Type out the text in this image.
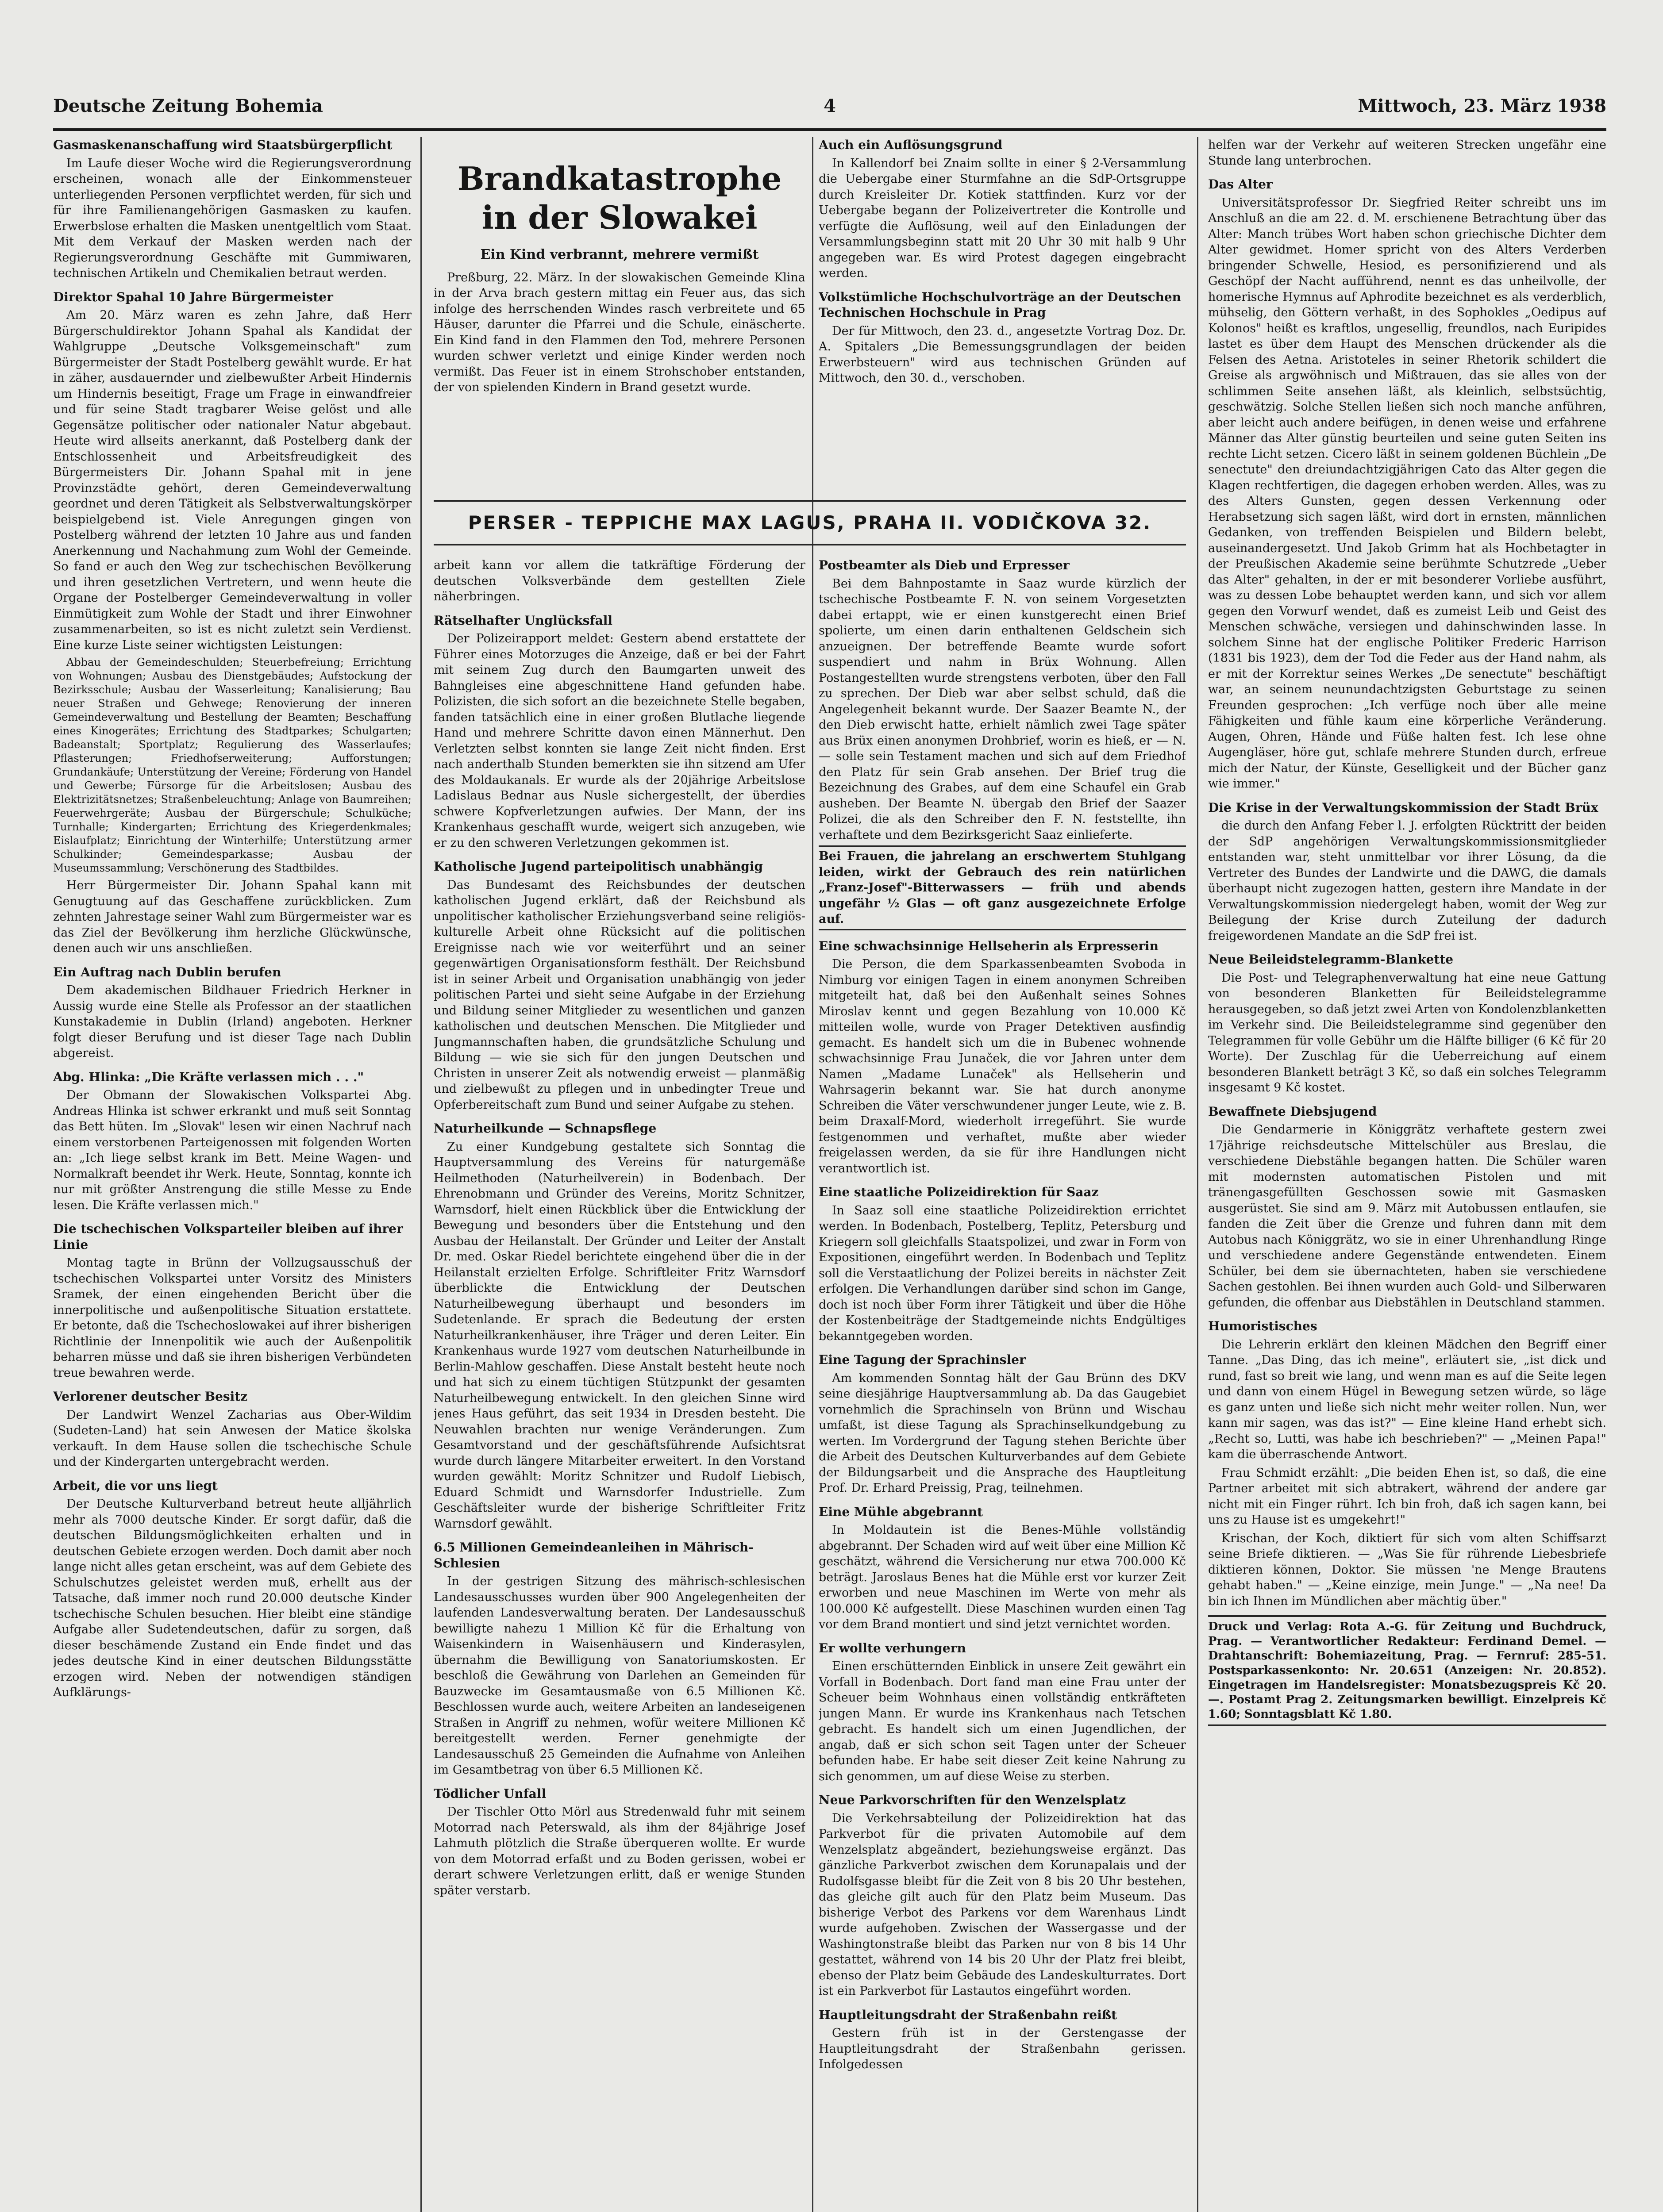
Deutsche Zeitung Bohemia	4	Mittwoch, 23. März 1938
Gasmaskenanschaffung wird Staatsbürgerpflicht

Im Laufe dieser Woche wird die Regierungsverordnung erscheinen, wonach alle der Einkommensteuer unterliegenden Personen verpflichtet werden, für sich und für ihre Familienangehörigen Gasmasken zu kaufen. Erwerbslose erhalten die Masken unentgeltlich vom Staat. Mit dem Verkauf der Masken werden nach der Regierungsverordnung Geschäfte mit Gummiwaren, technischen Artikeln und Chemikalien betraut werden.

Direktor Spahal 10 Jahre Bürgermeister

Am 20. März waren es zehn Jahre, daß Herr Bürgerschuldirektor Johann Spahal als Kandidat der Wahlgruppe „Deutsche Volksgemeinschaft" zum Bürgermeister der Stadt Postelberg gewählt wurde. Er hat in zäher, ausdauernder und zielbewußter Arbeit Hindernis um Hindernis beseitigt, Frage um Frage in einwandfreier und für seine Stadt tragbarer Weise gelöst und alle Gegensätze politischer oder nationaler Natur abgebaut. Heute wird allseits anerkannt, daß Postelberg dank der Entschlossenheit und Arbeitsfreudigkeit des Bürgermeisters Dir. Johann Spahal mit in jene Provinzstädte gehört, deren Gemeindeverwaltung geordnet und deren Tätigkeit als Selbstverwaltungskörper beispielgebend ist. Viele Anregungen gingen von Postelberg während der letzten 10 Jahre aus und fanden Anerkennung und Nachahmung zum Wohl der Gemeinde. So fand er auch den Weg zur tschechischen Bevölkerung und ihren gesetzlichen Vertretern, und wenn heute die Organe der Postelberger Gemeindeverwaltung in voller Einmütigkeit zum Wohle der Stadt und ihrer Einwohner zusammenarbeiten, so ist es nicht zuletzt sein Verdienst. Eine kurze Liste seiner wichtigsten Leistungen:

Abbau der Gemeindeschulden; Steuerbefreiung; Errichtung von Wohnungen; Ausbau des Dienstgebäudes; Aufstockung der Bezirksschule; Ausbau der Wasserleitung; Kanalisierung; Bau neuer Straßen und Gehwege; Renovierung der inneren Gemeindeverwaltung und Bestellung der Beamten; Beschaffung eines Kinogerätes; Errichtung des Stadtparkes; Schulgarten; Badeanstalt; Sportplatz; Regulierung des Wasserlaufes; Pflasterungen; Friedhofserweiterung; Aufforstungen; Grundankäufe; Unterstützung der Vereine; Förderung von Handel und Gewerbe; Fürsorge für die Arbeitslosen; Ausbau des Elektrizitätsnetzes; Straßenbeleuchtung; Anlage von Baumreihen; Feuerwehrgeräte; Ausbau der Bürgerschule; Schulküche; Turnhalle; Kindergarten; Errichtung des Kriegerdenkmales; Eislaufplatz; Einrichtung der Winterhilfe; Unterstützung armer Schulkinder; Gemeindesparkasse; Ausbau der Museumssammlung; Verschönerung des Stadtbildes.

Herr Bürgermeister Dir. Johann Spahal kann mit Genugtuung auf das Geschaffene zurückblicken. Zum zehnten Jahrestage seiner Wahl zum Bürgermeister war es das Ziel der Bevölkerung ihm herzliche Glückwünsche, denen auch wir uns anschließen.

Ein Auftrag nach Dublin berufen

Dem akademischen Bildhauer Friedrich Herkner in Aussig wurde eine Stelle als Professor an der staatlichen Kunstakademie in Dublin (Irland) angeboten. Herkner folgt dieser Berufung und ist dieser Tage nach Dublin abgereist.

Abg. Hlinka: „Die Kräfte verlassen mich . . ."

Der Obmann der Slowakischen Volkspartei Abg. Andreas Hlinka ist schwer erkrankt und muß seit Sonntag das Bett hüten. Im „Slovak" lesen wir einen Nachruf nach einem verstorbenen Parteigenossen mit folgenden Worten an: „Ich liege selbst krank im Bett. Meine Wagen- und Normalkraft beendet ihr Werk. Heute, Sonntag, konnte ich nur mit größter Anstrengung die stille Messe zu Ende lesen. Die Kräfte verlassen mich."

Die tschechischen Volksparteiler bleiben auf ihrer Linie

Montag tagte in Brünn der Vollzugsausschuß der tschechischen Volkspartei unter Vorsitz des Ministers Sramek, der einen eingehenden Bericht über die innerpolitische und außenpolitische Situation erstattete. Er betonte, daß die Tschechoslowakei auf ihrer bisherigen Richtlinie der Innenpolitik wie auch der Außenpolitik beharren müsse und daß sie ihren bisherigen Verbündeten treue bewahren werde.

Verlorener deutscher Besitz

Der Landwirt Wenzel Zacharias aus Ober-Wildim (Sudeten-Land) hat sein Anwesen der Matice školska verkauft. In dem Hause sollen die tschechische Schule und der Kindergarten untergebracht werden.

Arbeit, die vor uns liegt

Der Deutsche Kulturverband betreut heute alljährlich mehr als 7000 deutsche Kinder. Er sorgt dafür, daß die deutschen Bildungsmöglichkeiten erhalten und in deutschen Gebiete erzogen werden. Doch damit aber noch lange nicht alles getan erscheint, was auf dem Gebiete des Schulschutzes geleistet werden muß, erhellt aus der Tatsache, daß immer noch rund 20.000 deutsche Kinder tschechische Schulen besuchen. Hier bleibt eine ständige Aufgabe aller Sudetendeutschen, dafür zu sorgen, daß dieser beschämende Zustand ein Ende findet und das jedes deutsche Kind in einer deutschen Bildungsstätte erzogen wird. Neben der notwendigen ständigen Aufklärungs-

Brandkatastrophe
in der Slowakei
Ein Kind verbrannt, mehrere vermißt

Preßburg, 22. März. In der slowakischen Gemeinde Klina in der Arva brach gestern mittag ein Feuer aus, das sich infolge des herrschenden Windes rasch verbreitete und 65 Häuser, darunter die Pfarrei und die Schule, einäscherte. Ein Kind fand in den Flammen den Tod, mehrere Personen wurden schwer verletzt und einige Kinder werden noch vermißt. Das Feuer ist in einem Strohschober entstanden, der von spielenden Kindern in Brand gesetzt wurde.

Auch ein Auflösungsgrund

In Kallendorf bei Znaim sollte in einer § 2-Versammlung die Uebergabe einer Sturmfahne an die SdP-Ortsgruppe durch Kreisleiter Dr. Kotiek stattfinden. Kurz vor der Uebergabe begann der Polizeivertreter die Kontrolle und verfügte die Auflösung, weil auf den Einladungen der Versammlungsbeginn statt mit 20 Uhr 30 mit halb 9 Uhr angegeben war. Es wird Protest dagegen eingebracht werden.

Volkstümliche Hochschulvorträge an der Deutschen Technischen Hochschule in Prag

Der für Mittwoch, den 23. d., angesetzte Vortrag Doz. Dr. A. Spitalers „Die Bemessungsgrundlagen der beiden Erwerbsteuern" wird aus technischen Gründen auf Mittwoch, den 30. d., verschoben.

PERSER - TEPPICHE MAX LAGUS, PRAHA II. VODIČKOVA 32.

arbeit kann vor allem die tatkräftige Förderung der deutschen Volksverbände dem gestellten Ziele näherbringen.

Rätselhafter Unglücksfall

Der Polizeirapport meldet: Gestern abend erstattete der Führer eines Motorzuges die Anzeige, daß er bei der Fahrt mit seinem Zug durch den Baumgarten unweit des Bahngleises eine abgeschnittene Hand gefunden habe. Polizisten, die sich sofort an die bezeichnete Stelle begaben, fanden tatsächlich eine in einer großen Blutlache liegende Hand und mehrere Schritte davon einen Männerhut. Den Verletzten selbst konnten sie lange Zeit nicht finden. Erst nach anderthalb Stunden bemerkten sie ihn sitzend am Ufer des Moldaukanals. Er wurde als der 20jährige Arbeitslose Ladislaus Bednar aus Nusle sichergestellt, der überdies schwere Kopfverletzungen aufwies. Der Mann, der ins Krankenhaus geschafft wurde, weigert sich anzugeben, wie er zu den schweren Verletzungen gekommen ist.

Katholische Jugend parteipolitisch unabhängig

Das Bundesamt des Reichsbundes der deutschen katholischen Jugend erklärt, daß der Reichsbund als unpolitischer katholischer Erziehungsverband seine religiös-kulturelle Arbeit ohne Rücksicht auf die politischen Ereignisse nach wie vor weiterführt und an seiner gegenwärtigen Organisationsform festhält. Der Reichsbund ist in seiner Arbeit und Organisation unabhängig von jeder politischen Partei und sieht seine Aufgabe in der Erziehung und Bildung seiner Mitglieder zu wesentlichen und ganzen katholischen und deutschen Menschen. Die Mitglieder und Jungmannschaften haben, die grundsätzliche Schulung und Bildung — wie sie sich für den jungen Deutschen und Christen in unserer Zeit als notwendig erweist — planmäßig und zielbewußt zu pflegen und in unbedingter Treue und Opferbereitschaft zum Bund und seiner Aufgabe zu stehen.

Naturheilkunde — Schnapsflege

Zu einer Kundgebung gestaltete sich Sonntag die Hauptversammlung des Vereins für naturgemäße Heilmethoden (Naturheilverein) in Bodenbach. Der Ehrenobmann und Gründer des Vereins, Moritz Schnitzer, Warnsdorf, hielt einen Rückblick über die Entwicklung der Bewegung und besonders über die Entstehung und den Ausbau der Heilanstalt. Der Gründer und Leiter der Anstalt Dr. med. Oskar Riedel berichtete eingehend über die in der Heilanstalt erzielten Erfolge. Schriftleiter Fritz Warnsdorf überblickte die Entwicklung der Deutschen Naturheilbewegung überhaupt und besonders im Sudetenlande. Er sprach die Bedeutung der ersten Naturheilkrankenhäuser, ihre Träger und deren Leiter. Ein Krankenhaus wurde 1927 vom deutschen Naturheilbunde in Berlin-Mahlow geschaffen. Diese Anstalt besteht heute noch und hat sich zu einem tüchtigen Stützpunkt der gesamten Naturheilbewegung entwickelt. In den gleichen Sinne wird jenes Haus geführt, das seit 1934 in Dresden besteht. Die Neuwahlen brachten nur wenige Veränderungen. Zum Gesamtvorstand und der geschäftsführende Aufsichtsrat wurde durch längere Mitarbeiter erweitert. In den Vorstand wurden gewählt: Moritz Schnitzer und Rudolf Liebisch, Eduard Schmidt und Warnsdorfer Industrielle. Zum Geschäftsleiter wurde der bisherige Schriftleiter Fritz Warnsdorf gewählt.

6.5 Millionen Gemeindeanleihen in Mährisch-Schlesien

In der gestrigen Sitzung des mährisch-schlesischen Landesausschusses wurden über 900 Angelegenheiten der laufenden Landesverwaltung beraten. Der Landesausschuß bewilligte nahezu 1 Million Kč für die Erhaltung von Waisenkindern in Waisenhäusern und Kinderasylen, übernahm die Bewilligung von Sanatoriumskosten. Er beschloß die Gewährung von Darlehen an Gemeinden für Bauzwecke im Gesamtausmaße von 6.5 Millionen Kč. Beschlossen wurde auch, weitere Arbeiten an landeseigenen Straßen in Angriff zu nehmen, wofür weitere Millionen Kč bereitgestellt werden. Ferner genehmigte der Landesausschuß 25 Gemeinden die Aufnahme von Anleihen im Gesamtbetrag von über 6.5 Millionen Kč.

Tödlicher Unfall

Der Tischler Otto Mörl aus Stredenwald fuhr mit seinem Motorrad nach Peterswald, als ihm der 84jährige Josef Lahmuth plötzlich die Straße überqueren wollte. Er wurde von dem Motorrad erfaßt und zu Boden gerissen, wobei er derart schwere Verletzungen erlitt, daß er wenige Stunden später verstarb.

Postbeamter als Dieb und Erpresser

Bei dem Bahnpostamte in Saaz wurde kürzlich der tschechische Postbeamte F. N. von seinem Vorgesetzten dabei ertappt, wie er einen kunstgerecht einen Brief spolierte, um einen darin enthaltenen Geldschein sich anzueignen. Der betreffende Beamte wurde sofort suspendiert und nahm in Brüx Wohnung. Allen Postangestellten wurde strengstens verboten, über den Fall zu sprechen. Der Dieb war aber selbst schuld, daß die Angelegenheit bekannt wurde. Der Saazer Beamte N., der den Dieb erwischt hatte, erhielt nämlich zwei Tage später aus Brüx einen anonymen Drohbrief, worin es hieß, er — N. — solle sein Testament machen und sich auf dem Friedhof den Platz für sein Grab ansehen. Der Brief trug die Bezeichnung des Grabes, auf dem eine Schaufel ein Grab ausheben. Der Beamte N. übergab den Brief der Saazer Polizei, die als den Schreiber den F. N. feststellte, ihn verhaftete und dem Bezirksgericht Saaz einlieferte.

Bei Frauen, die jahrelang an erschwertem Stuhlgang leiden, wirkt der Gebrauch des rein natürlichen „Franz-Josef"-Bitterwassers — früh und abends ungefähr ½ Glas — oft ganz ausgezeichnete Erfolge auf.

Eine schwachsinnige Hellseherin als Erpresserin

Die Person, die dem Sparkassenbeamten Svoboda in Nimburg vor einigen Tagen in einem anonymen Schreiben mitgeteilt hat, daß bei den Außenhalt seines Sohnes Miroslav kennt und gegen Bezahlung von 10.000 Kč mitteilen wolle, wurde von Prager Detektiven ausfindig gemacht. Es handelt sich um die in Bubenec wohnende schwachsinnige Frau Junaček, die vor Jahren unter dem Namen „Madame Lunaček" als Hellseherin und Wahrsagerin bekannt war. Sie hat durch anonyme Schreiben die Väter verschwundener junger Leute, wie z. B. beim Draxalf-Mord, wiederholt irregeführt. Sie wurde festgenommen und verhaftet, mußte aber wieder freigelassen werden, da sie für ihre Handlungen nicht verantwortlich ist.

Eine staatliche Polizeidirektion für Saaz

In Saaz soll eine staatliche Polizeidirektion errichtet werden. In Bodenbach, Postelberg, Teplitz, Petersburg und Kriegern soll gleichfalls Staatspolizei, und zwar in Form von Expositionen, eingeführt werden. In Bodenbach und Teplitz soll die Verstaatlichung der Polizei bereits in nächster Zeit erfolgen. Die Verhandlungen darüber sind schon im Gange, doch ist noch über Form ihrer Tätigkeit und über die Höhe der Kostenbeiträge der Stadtgemeinde nichts Endgültiges bekanntgegeben worden.

Eine Tagung der Sprachinsler

Am kommenden Sonntag hält der Gau Brünn des DKV seine diesjährige Hauptversammlung ab. Da das Gaugebiet vornehmlich die Sprachinseln von Brünn und Wischau umfaßt, ist diese Tagung als Sprachinselkundgebung zu werten. Im Vordergrund der Tagung stehen Berichte über die Arbeit des Deutschen Kulturverbandes auf dem Gebiete der Bildungsarbeit und die Ansprache des Hauptleitung Prof. Dr. Erhard Preissig, Prag, teilnehmen.

Eine Mühle abgebrannt

In Moldautein ist die Benes-Mühle vollständig abgebrannt. Der Schaden wird auf weit über eine Million Kč geschätzt, während die Versicherung nur etwa 700.000 Kč beträgt. Jaroslaus Benes hat die Mühle erst vor kurzer Zeit erworben und neue Maschinen im Werte von mehr als 100.000 Kč aufgestellt. Diese Maschinen wurden einen Tag vor dem Brand montiert und sind jetzt vernichtet worden.

Er wollte verhungern

Einen erschütternden Einblick in unsere Zeit gewährt ein Vorfall in Bodenbach. Dort fand man eine Frau unter der Scheuer beim Wohnhaus einen vollständig entkräfteten jungen Mann. Er wurde ins Krankenhaus nach Tetschen gebracht. Es handelt sich um einen Jugendlichen, der angab, daß er sich schon seit Tagen unter der Scheuer befunden habe. Er habe seit dieser Zeit keine Nahrung zu sich genommen, um auf diese Weise zu sterben.

Neue Parkvorschriften für den Wenzelsplatz

Die Verkehrsabteilung der Polizeidirektion hat das Parkverbot für die privaten Automobile auf dem Wenzelsplatz abgeändert, beziehungsweise ergänzt. Das gänzliche Parkverbot zwischen dem Korunapalais und der Rudolfsgasse bleibt für die Zeit von 8 bis 20 Uhr bestehen, das gleiche gilt auch für den Platz beim Museum. Das bisherige Verbot des Parkens vor dem Warenhaus Lindt wurde aufgehoben. Zwischen der Wassergasse und der Washingtonstraße bleibt das Parken nur von 8 bis 14 Uhr gestattet, während von 14 bis 20 Uhr der Platz frei bleibt, ebenso der Platz beim Gebäude des Landeskulturrates. Dort ist ein Parkverbot für Lastautos eingeführt worden.

Hauptleitungsdraht der Straßenbahn reißt

Gestern früh ist in der Gerstengasse der Hauptleitungsdraht der Straßenbahn gerissen. Infolgedessen

helfen war der Verkehr auf weiteren Strecken ungefähr eine Stunde lang unterbrochen.

Das Alter

Universitätsprofessor Dr. Siegfried Reiter schreibt uns im Anschluß an die am 22. d. M. erschienene Betrachtung über das Alter: Manch trübes Wort haben schon griechische Dichter dem Alter gewidmet. Homer spricht von des Alters Verderben bringender Schwelle, Hesiod, es personifizierend und als Geschöpf der Nacht aufführend, nennt es das unheilvolle, der homerische Hymnus auf Aphrodite bezeichnet es als verderblich, mühselig, den Göttern verhaßt, in des Sophokles „Oedipus auf Kolonos" heißt es kraftlos, ungesellig, freundlos, nach Euripides lastet es über dem Haupt des Menschen drückender als die Felsen des Aetna. Aristoteles in seiner Rhetorik schildert die Greise als argwöhnisch und Mißtrauen, das sie alles von der schlimmen Seite ansehen läßt, als kleinlich, selbstsüchtig, geschwätzig. Solche Stellen ließen sich noch manche anführen, aber leicht auch andere beifügen, in denen weise und erfahrene Männer das Alter günstig beurteilen und seine guten Seiten ins rechte Licht setzen. Cicero läßt in seinem goldenen Büchlein „De senectute" den dreiundachtzigjährigen Cato das Alter gegen die Klagen rechtfertigen, die dagegen erhoben werden. Alles, was zu des Alters Gunsten, gegen dessen Verkennung oder Herabsetzung sich sagen läßt, wird dort in ernsten, männlichen Gedanken, von treffenden Beispielen und Bildern belebt, auseinandergesetzt. Und Jakob Grimm hat als Hochbetagter in der Preußischen Akademie seine berühmte Schutzrede „Ueber das Alter" gehalten, in der er mit besonderer Vorliebe ausführt, was zu dessen Lobe behauptet werden kann, und sich vor allem gegen den Vorwurf wendet, daß es zumeist Leib und Geist des Menschen schwäche, versiegen und dahinschwinden lasse. In solchem Sinne hat der englische Politiker Frederic Harrison (1831 bis 1923), dem der Tod die Feder aus der Hand nahm, als er mit der Korrektur seines Werkes „De senectute" beschäftigt war, an seinem neunundachtzigsten Geburtstage zu seinen Freunden gesprochen: „Ich verfüge noch über alle meine Fähigkeiten und fühle kaum eine körperliche Veränderung. Augen, Ohren, Hände und Füße halten fest. Ich lese ohne Augengläser, höre gut, schlafe mehrere Stunden durch, erfreue mich der Natur, der Künste, Geselligkeit und der Bücher ganz wie immer."

Die Krise in der Verwaltungskommission der Stadt Brüx

die durch den Anfang Feber l. J. erfolgten Rücktritt der beiden der SdP angehörigen Verwaltungskommissionsmitglieder entstanden war, steht unmittelbar vor ihrer Lösung, da die Vertreter des Bundes der Landwirte und die DAWG, die damals überhaupt nicht zugezogen hatten, gestern ihre Mandate in der Verwaltungskommission niedergelegt haben, womit der Weg zur Beilegung der Krise durch Zuteilung der dadurch freigewordenen Mandate an die SdP frei ist.

Neue Beileidstelegramm-Blankette

Die Post- und Telegraphenverwaltung hat eine neue Gattung von besonderen Blanketten für Beileidstelegramme herausgegeben, so daß jetzt zwei Arten von Kondolenzblanketten im Verkehr sind. Die Beileidstelegramme sind gegenüber den Telegrammen für volle Gebühr um die Hälfte billiger (6 Kč für 20 Worte). Der Zuschlag für die Ueberreichung auf einem besonderen Blankett beträgt 3 Kč, so daß ein solches Telegramm insgesamt 9 Kč kostet.

Bewaffnete Diebsjugend

Die Gendarmerie in Königgrätz verhaftete gestern zwei 17jährige reichsdeutsche Mittelschüler aus Breslau, die verschiedene Diebstähle begangen hatten. Die Schüler waren mit modernsten automatischen Pistolen und mit tränengasgefüllten Geschossen sowie mit Gasmasken ausgerüstet. Sie sind am 9. März mit Autobussen entlaufen, sie fanden die Zeit über die Grenze und fuhren dann mit dem Autobus nach Königgrätz, wo sie in einer Uhrenhandlung Ringe und verschiedene andere Gegenstände entwendeten. Einem Schüler, bei dem sie übernachteten, haben sie verschiedene Sachen gestohlen. Bei ihnen wurden auch Gold- und Silberwaren gefunden, die offenbar aus Diebstählen in Deutschland stammen.

Humoristisches

Die Lehrerin erklärt den kleinen Mädchen den Begriff einer Tanne. „Das Ding, das ich meine", erläutert sie, „ist dick und rund, fast so breit wie lang, und wenn man es auf die Seite legen und dann von einem Hügel in Bewegung setzen würde, so läge es ganz unten und ließe sich nicht mehr weiter rollen. Nun, wer kann mir sagen, was das ist?" — Eine kleine Hand erhebt sich. „Recht so, Lutti, was habe ich beschrieben?" — „Meinen Papa!" kam die überraschende Antwort.

Frau Schmidt erzählt: „Die beiden Ehen ist, so daß, die eine Partner arbeitet mit sich abtrakert, während der andere gar nicht mit ein Finger rührt. Ich bin froh, daß ich sagen kann, bei uns zu Hause ist es umgekehrt!"

Krischan, der Koch, diktiert für sich vom alten Schiffsarzt seine Briefe diktieren. — „Was Sie für rührende Liebesbriefe diktieren können, Doktor. Sie müssen 'ne Menge Brautens gehabt haben." — „Keine einzige, mein Junge." — „Na nee! Da bin ich Ihnen im Mündlichen aber mächtig über."

Druck und Verlag: Rota A.-G. für Zeitung und Buchdruck, Prag. — Verantwortlicher Redakteur: Ferdinand Demel. — Drahtanschrift: Bohemiazeitung, Prag. — Fernruf: 285-51. Postsparkassenkonto: Nr. 20.651 (Anzeigen: Nr. 20.852). Eingetragen im Handelsregister: Monatsbezugspreis Kč 20.—. Postamt Prag 2. Zeitungsmarken bewilligt. Einzelpreis Kč 1.60; Sonntagsblatt Kč 1.80.
